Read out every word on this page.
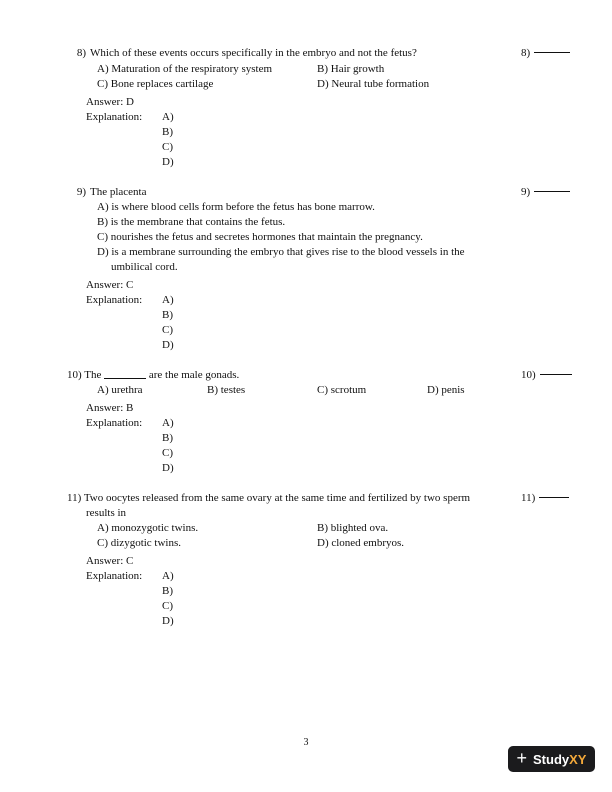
8) Which of these events occurs specifically in the embryo and not the fetus?	8)
A) Maturation of the respiratory system	B) Hair growth
C) Bone replaces cartilage	D) Neural tube formation
Answer: D
Explanation: A)
B)
C)
D)
9) The placenta	9)
A) is where blood cells form before the fetus has bone marrow.
B) is the membrane that contains the fetus.
C) nourishes the fetus and secretes hormones that maintain the pregnancy.
D) is a membrane surrounding the embryo that gives rise to the blood vessels in the
umbilical cord.
Answer: C
Explanation: A)
B)
C)
D)
10) The	are the male gonads.	10)
A) urethra	B) testes	C) scrotum	D) penis
Answer: B
Explanation: A)
B)
C)
D)
11) Two oocytes released from the same ovary at the same time and fertilized by two sperm
results in
11)
A) monozygotic twins.	B) blighted ova.
C) dizygotic twins.	D) cloned embryos.
Answer: C
Explanation: A)
B)
C)
D)
3
+ StudyXY
